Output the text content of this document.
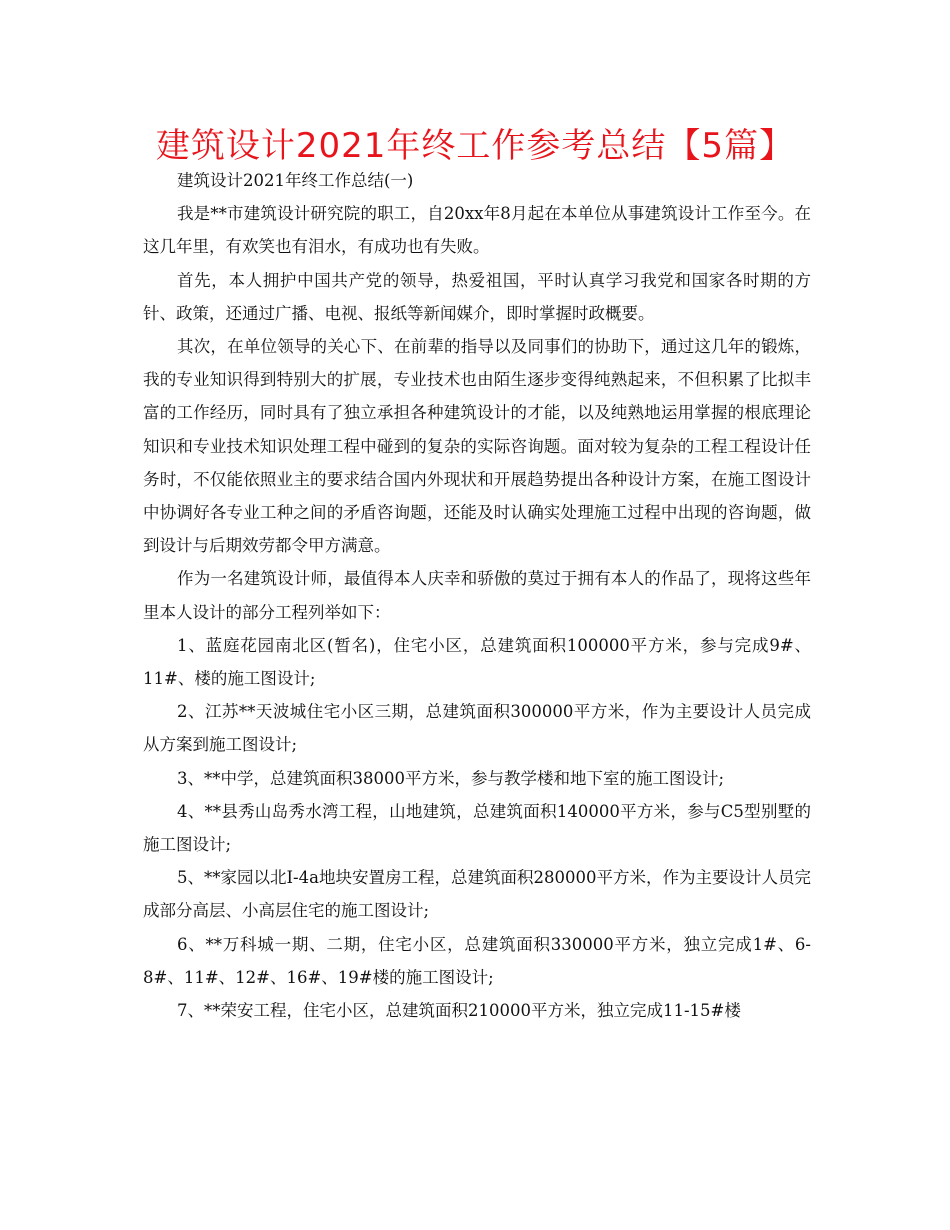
建筑设计2021年终工作参考总结【5篇】

建筑设计2021年终工作总结(一)

我是**市建筑设计研究院的职工，自20xx年8月起在本单位从事建筑设计工作至今。在这几年里，有欢笑也有泪水，有成功也有失败。

首先，本人拥护中国共产党的领导，热爱祖国，平时认真学习我党和国家各时期的方针、政策，还通过广播、电视、报纸等新闻媒介，即时掌握时政概要。

其次，在单位领导的关心下、在前辈的指导以及同事们的协助下，通过这几年的锻炼，我的专业知识得到特别大的扩展，专业技术也由陌生逐步变得纯熟起来，不但积累了比拟丰富的工作经历，同时具有了独立承担各种建筑设计的才能，以及纯熟地运用掌握的根底理论知识和专业技术知识处理工程中碰到的复杂的实际咨询题。面对较为复杂的工程工程设计任务时，不仅能依照业主的要求结合国内外现状和开展趋势提出各种设计方案，在施工图设计中协调好各专业工种之间的矛盾咨询题，还能及时认确实处理施工过程中出现的咨询题，做到设计与后期效劳都令甲方满意。

作为一名建筑设计师，最值得本人庆幸和骄傲的莫过于拥有本人的作品了，现将这些年里本人设计的部分工程列举如下：

1、蓝庭花园南北区(暂名)，住宅小区，总建筑面积100000平方米，参与完成9#、11#、楼的施工图设计;

2、江苏**天波城住宅小区三期，总建筑面积300000平方米，作为主要设计人员完成从方案到施工图设计;

3、**中学，总建筑面积38000平方米，参与教学楼和地下室的施工图设计;

4、**县秀山岛秀水湾工程，山地建筑，总建筑面积140000平方米，参与C5型别墅的施工图设计;

5、**家园以北I-4a地块安置房工程，总建筑面积280000平方米，作为主要设计人员完成部分高层、小高层住宅的施工图设计;

6、**万科城一期、二期，住宅小区，总建筑面积330000平方米，独立完成1#、6-8#、11#、12#、16#、19#楼的施工图设计;

7、**荣安工程，住宅小区，总建筑面积210000平方米，独立完成11-15#楼
